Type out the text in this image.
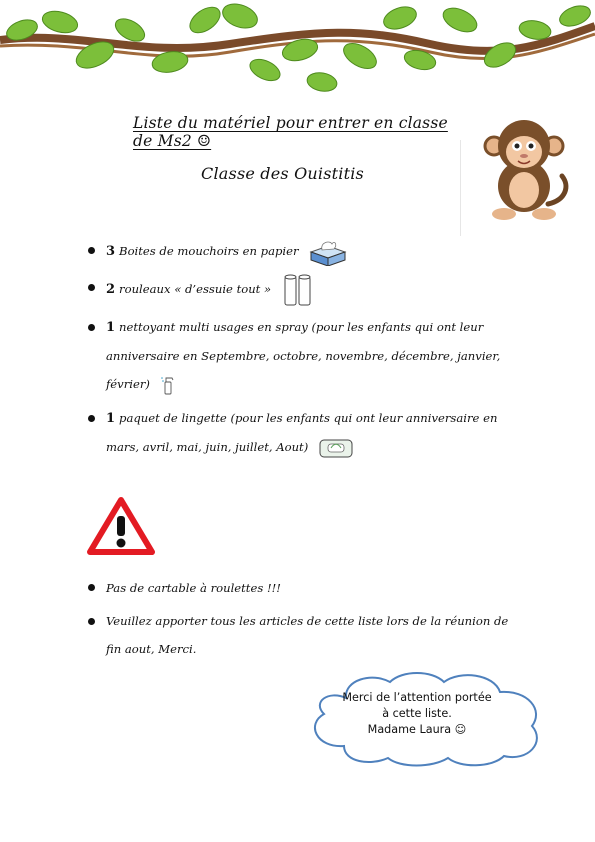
Liste du matériel pour entrer en classe de Ms2 ☺
Classe des Ouistitis
3 Boites de mouchoirs en papier
2 rouleaux « d’essuie tout »
1 nettoyant multi usages en spray (pour les enfants qui ont leur anniversaire en Septembre, octobre, novembre, décembre, janvier, février)
1 paquet de lingette (pour les enfants qui ont leur anniversaire en mars, avril, mai, juin, juillet, Aout)
Pas de cartable à roulettes !!!
Veuillez apporter tous les articles de cette liste lors de la réunion de fin aout, Merci.
Merci de l’attention portée
à cette liste.
Madame Laura ☺
